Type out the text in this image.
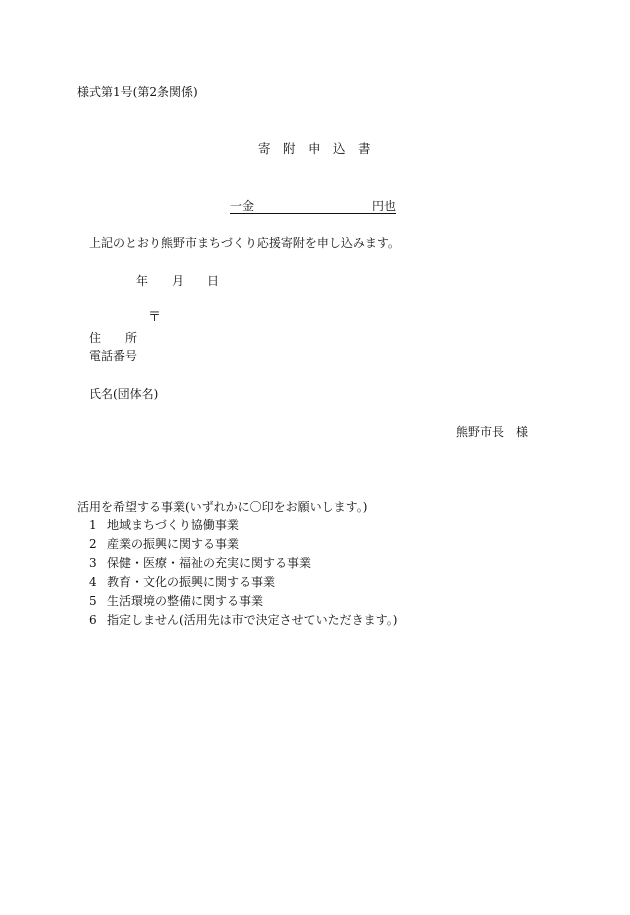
様式第1号(第2条関係)
寄附申込書
一金	円也
上記のとおり熊野市まちづくり応援寄附を申し込みます。
年 月 日
〒
住 所
電話番号
氏名(団体名)
熊野市長　様
活用を希望する事業(いずれかに〇印をお願いします。)
1 地域まちづくり協働事業
2 産業の振興に関する事業
3 保健・医療・福祉の充実に関する事業
4 教育・文化の振興に関する事業
5 生活環境の整備に関する事業
6 指定しません(活用先は市で決定させていただきます。)
